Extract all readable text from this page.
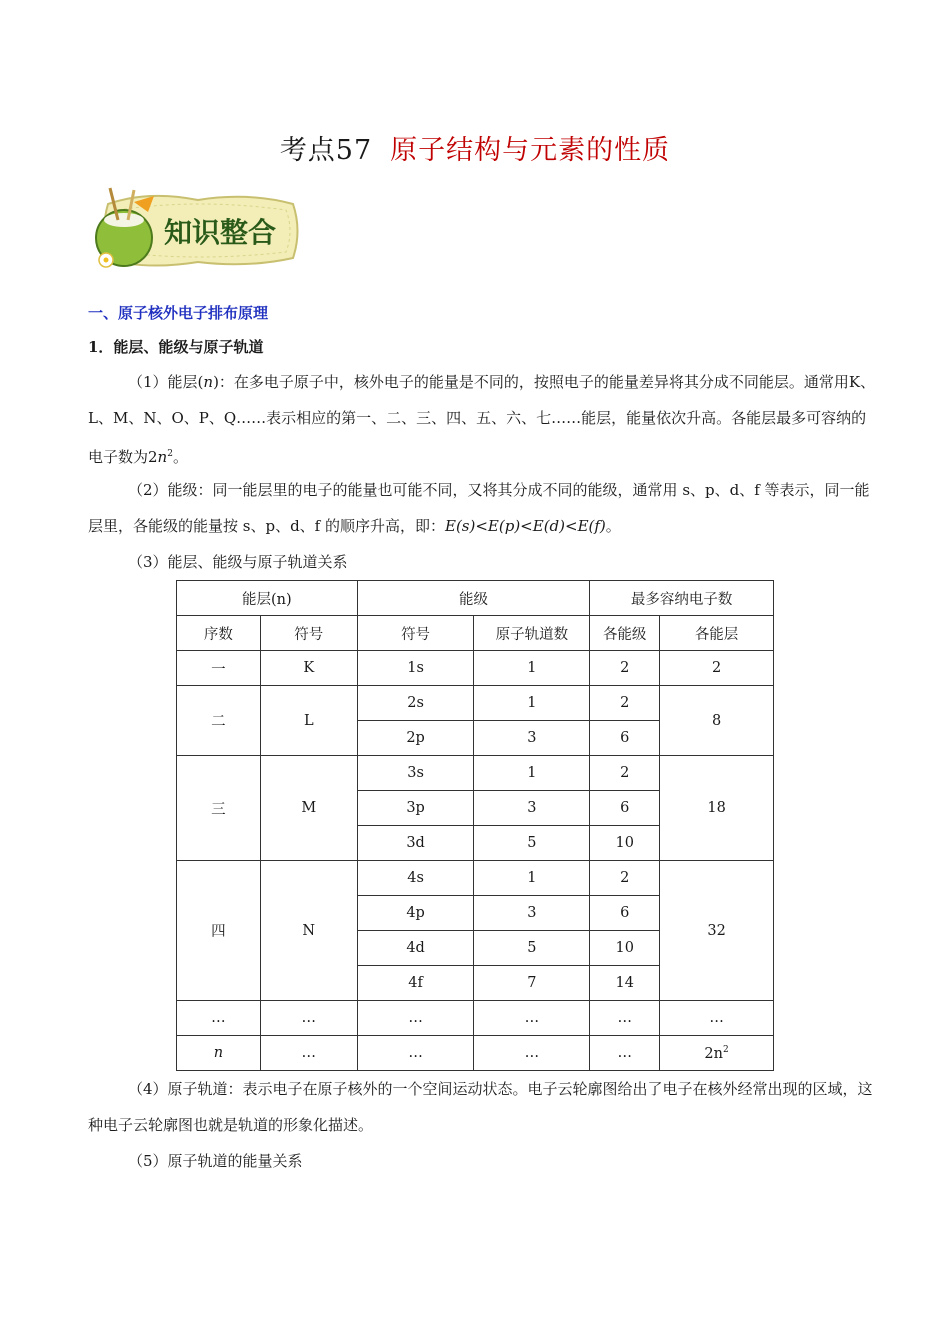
考点57 原子结构与元素的性质
知识整合
一、原子核外电子排布原理
1．能层、能级与原子轨道
（1）能层(n)：在多电子原子中，核外电子的能量是不同的，按照电子的能量差异将其分成不同能层。通常用K、L、M、N、O、P、Q……表示相应的第一、二、三、四、五、六、七……能层，能量依次升高。各能层最多可容纳的电子数为$2n^2$。
（2）能级：同一能层里的电子的能量也可能不同，又将其分成不同的能级，通常用 s、p、d、f 等表示，同一能层里，各能级的能量按 s、p、d、f 的顺序升高，即：E(s)<E(p)<E(d)<E(f)。
（3）能层、能级与原子轨道关系
能层(n)		能级		最多容纳电子数	
序数	符号	符号	原子轨道数	各能级	各能层
一	K	1s	1	2	2
二	L	2s	1	2	8
		2p	3	6	
三	M	3s	1	2	18
		3p	3	6	
		3d	5	10	
四	N	4s	1	2	32
		4p	3	6	
		4d	5	10	
		4f	7	14	
…	…	…	…	…	…
n	…	…	…	…	$2n^2$
（4）原子轨道：表示电子在原子核外的一个空间运动状态。电子云轮廓图给出了电子在核外经常出现的区域，这种电子云轮廓图也就是轨道的形象化描述。
（5）原子轨道的能量关系
